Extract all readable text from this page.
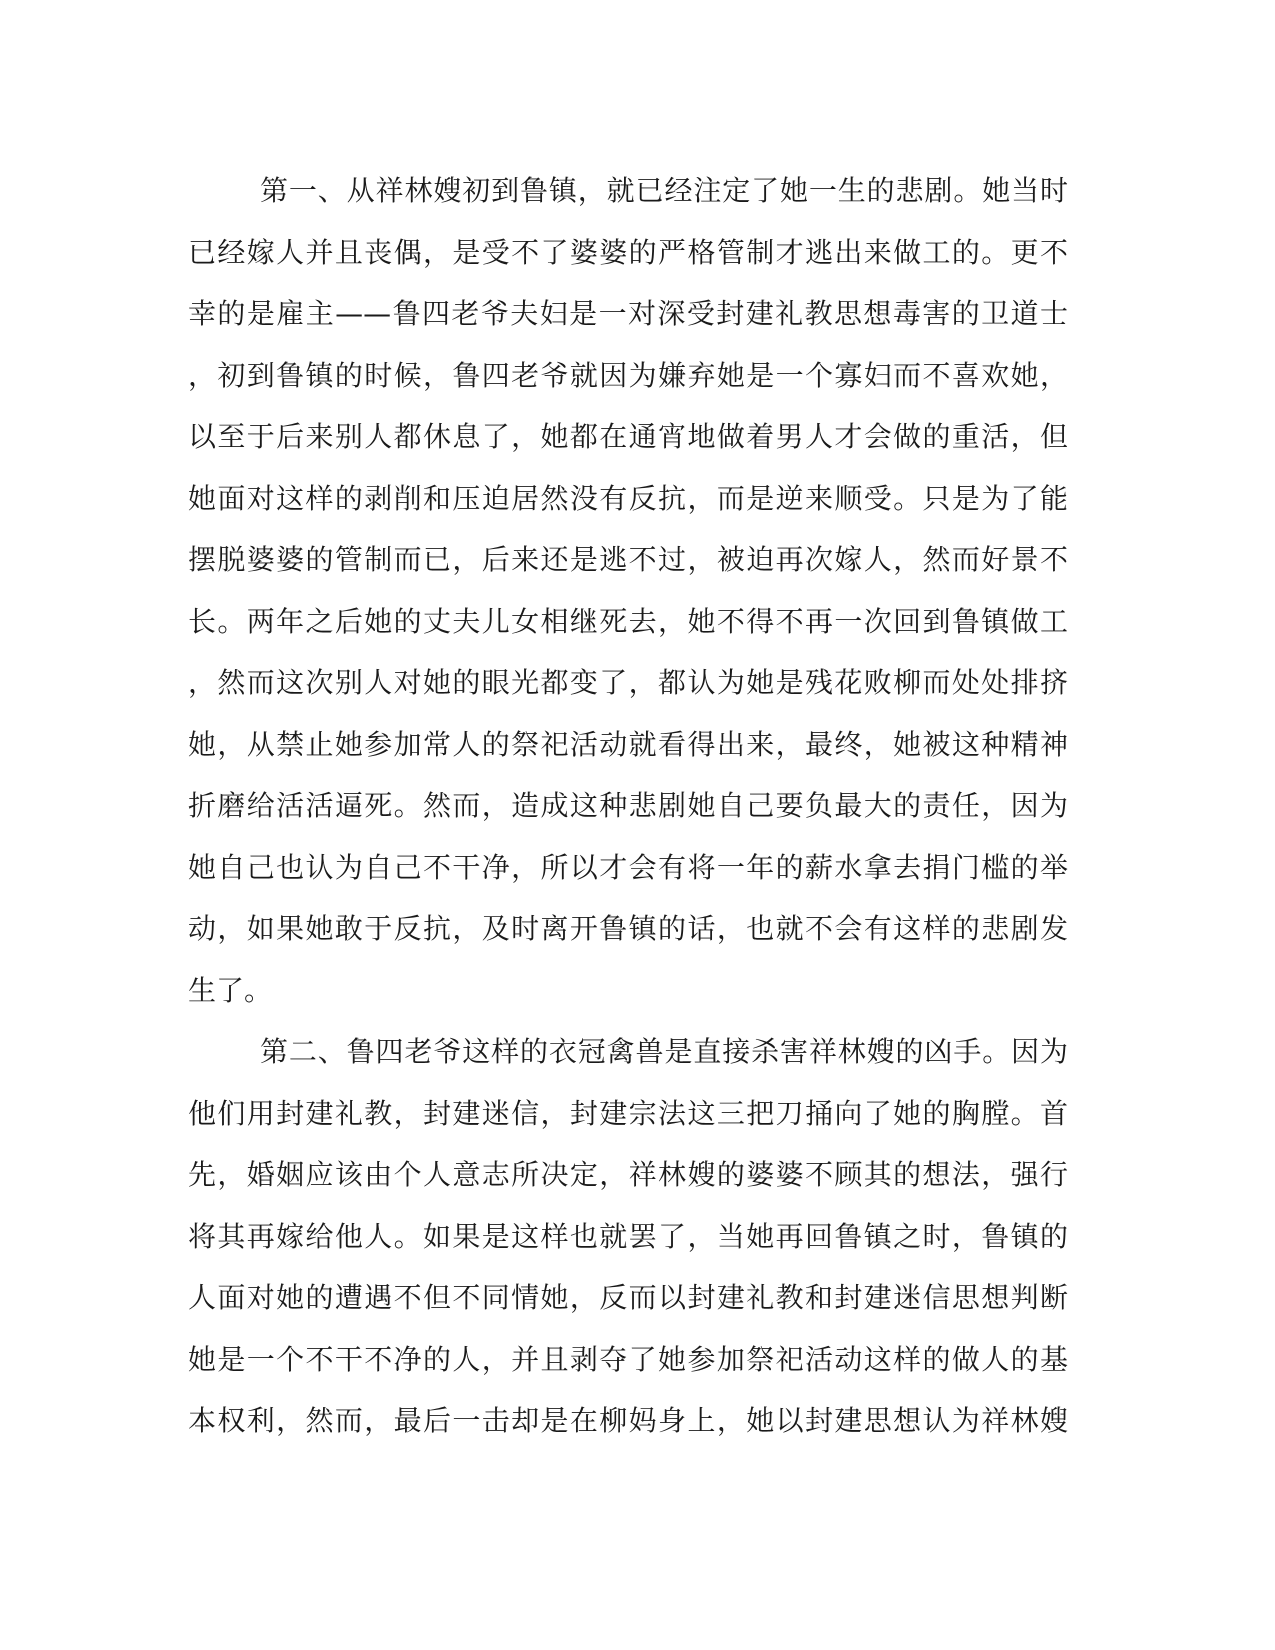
第一、从祥林嫂初到鲁镇，就已经注定了她一生的悲剧。她当时
已经嫁人并且丧偶，是受不了婆婆的严格管制才逃出来做工的。更不
幸的是雇主——鲁四老爷夫妇是一对深受封建礼教思想毒害的卫道士
，初到鲁镇的时候，鲁四老爷就因为嫌弃她是一个寡妇而不喜欢她，
以至于后来别人都休息了，她都在通宵地做着男人才会做的重活，但
她面对这样的剥削和压迫居然没有反抗，而是逆来顺受。只是为了能
摆脱婆婆的管制而已，后来还是逃不过，被迫再次嫁人，然而好景不
长。两年之后她的丈夫儿女相继死去，她不得不再一次回到鲁镇做工
，然而这次别人对她的眼光都变了，都认为她是残花败柳而处处排挤
她，从禁止她参加常人的祭祀活动就看得出来，最终，她被这种精神
折磨给活活逼死。然而，造成这种悲剧她自己要负最大的责任，因为
她自己也认为自己不干净，所以才会有将一年的薪水拿去捐门槛的举
动，如果她敢于反抗，及时离开鲁镇的话，也就不会有这样的悲剧发
生了。
第二、鲁四老爷这样的衣冠禽兽是直接杀害祥林嫂的凶手。因为
他们用封建礼教，封建迷信，封建宗法这三把刀捅向了她的胸膛。首
先，婚姻应该由个人意志所决定，祥林嫂的婆婆不顾其的想法，强行
将其再嫁给他人。如果是这样也就罢了，当她再回鲁镇之时，鲁镇的
人面对她的遭遇不但不同情她，反而以封建礼教和封建迷信思想判断
她是一个不干不净的人，并且剥夺了她参加祭祀活动这样的做人的基
本权利，然而，最后一击却是在柳妈身上，她以封建思想认为祥林嫂
